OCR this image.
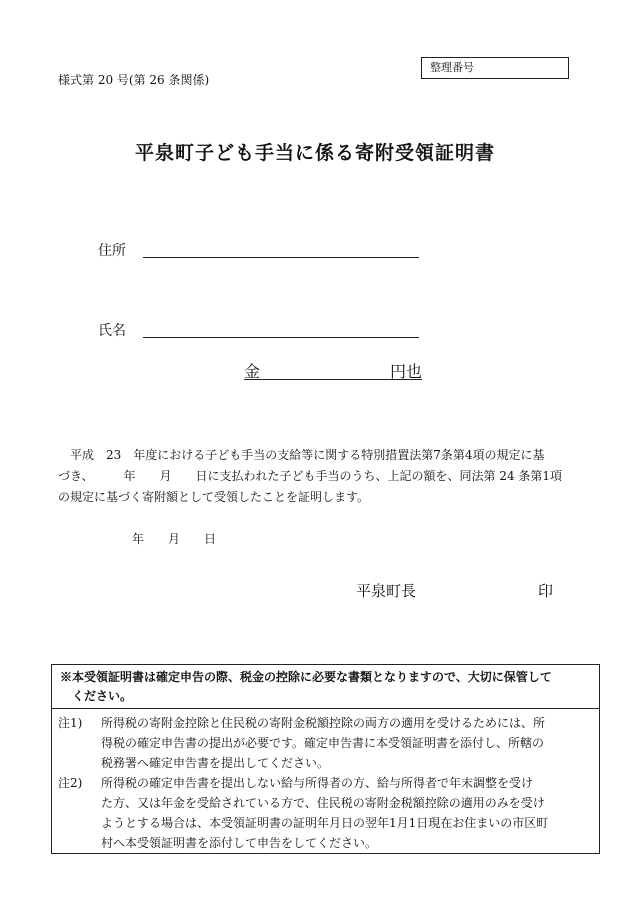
様式第 20 号(第 26 条関係)
整理番号
平泉町子ども手当に係る寄附受領証明書
住所
氏名
金	円也

　平成　23　年度における子ども手当の支給等に関する特別措置法第7条第4項の規定に基

づき、　　　年　　月　　日に支払われた子ども手当のうち、上記の額を、同法第 24 条第1項

の規定に基づく寄附額として受領したことを証明します。

年　　月　　日
平泉町長	印
※本受領証明書は確定申告の際、税金の控除に必要な書類となりますので、大切に保管して
ください。
注1) 所得税の寄附金控除と住民税の寄附金税額控除の両方の適用を受けるためには、所
得税の確定申告書の提出が必要です。確定申告書に本受領証明書を添付し、所轄の
税務署へ確定申告書を提出してください。
注2) 所得税の確定申告書を提出しない給与所得者の方、給与所得者で年末調整を受け
た方、又は年金を受給されている方で、住民税の寄附金税額控除の適用のみを受け
ようとする場合は、本受領証明書の証明年月日の翌年1月1日現在お住まいの市区町
村へ本受領証明書を添付して申告をしてください。
